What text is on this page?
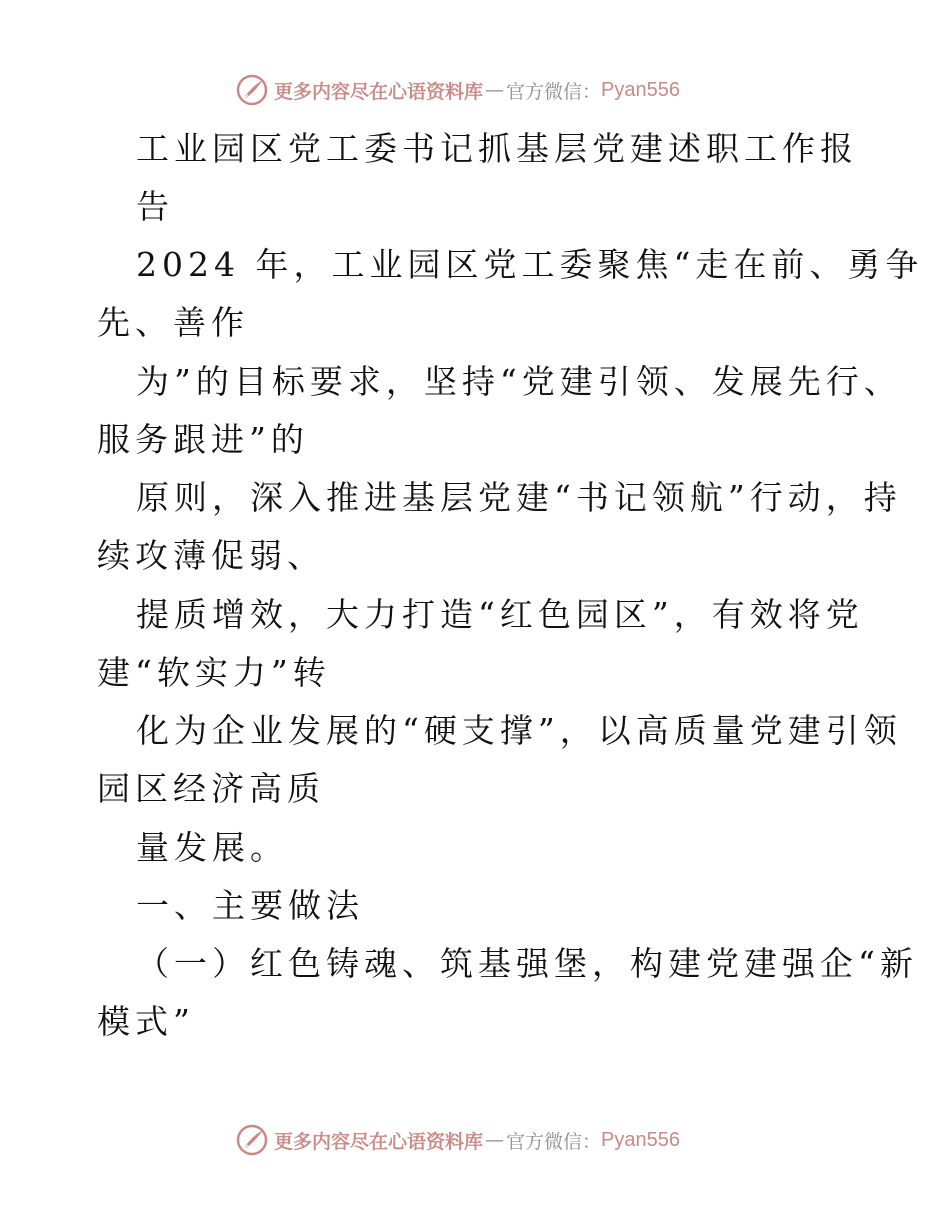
更多内容尽在心语资料库 — 官方微信： Pyan556
工业园区党工委书记抓基层党建述职工作报
告
2024 年，工业园区党工委聚焦“走在前、勇争
先、善作
为”的目标要求，坚持“党建引领、发展先行、
服务跟进”的
原则，深入推进基层党建“书记领航”行动，持
续攻薄促弱、
提质增效，大力打造“红色园区”，有效将党
建“软实力”转
化为企业发展的“硬支撑”，以高质量党建引领
园区经济高质
量发展。
一、主要做法
（一）红色铸魂、筑基强堡，构建党建强企“新
模式”
更多内容尽在心语资料库 — 官方微信： Pyan556
